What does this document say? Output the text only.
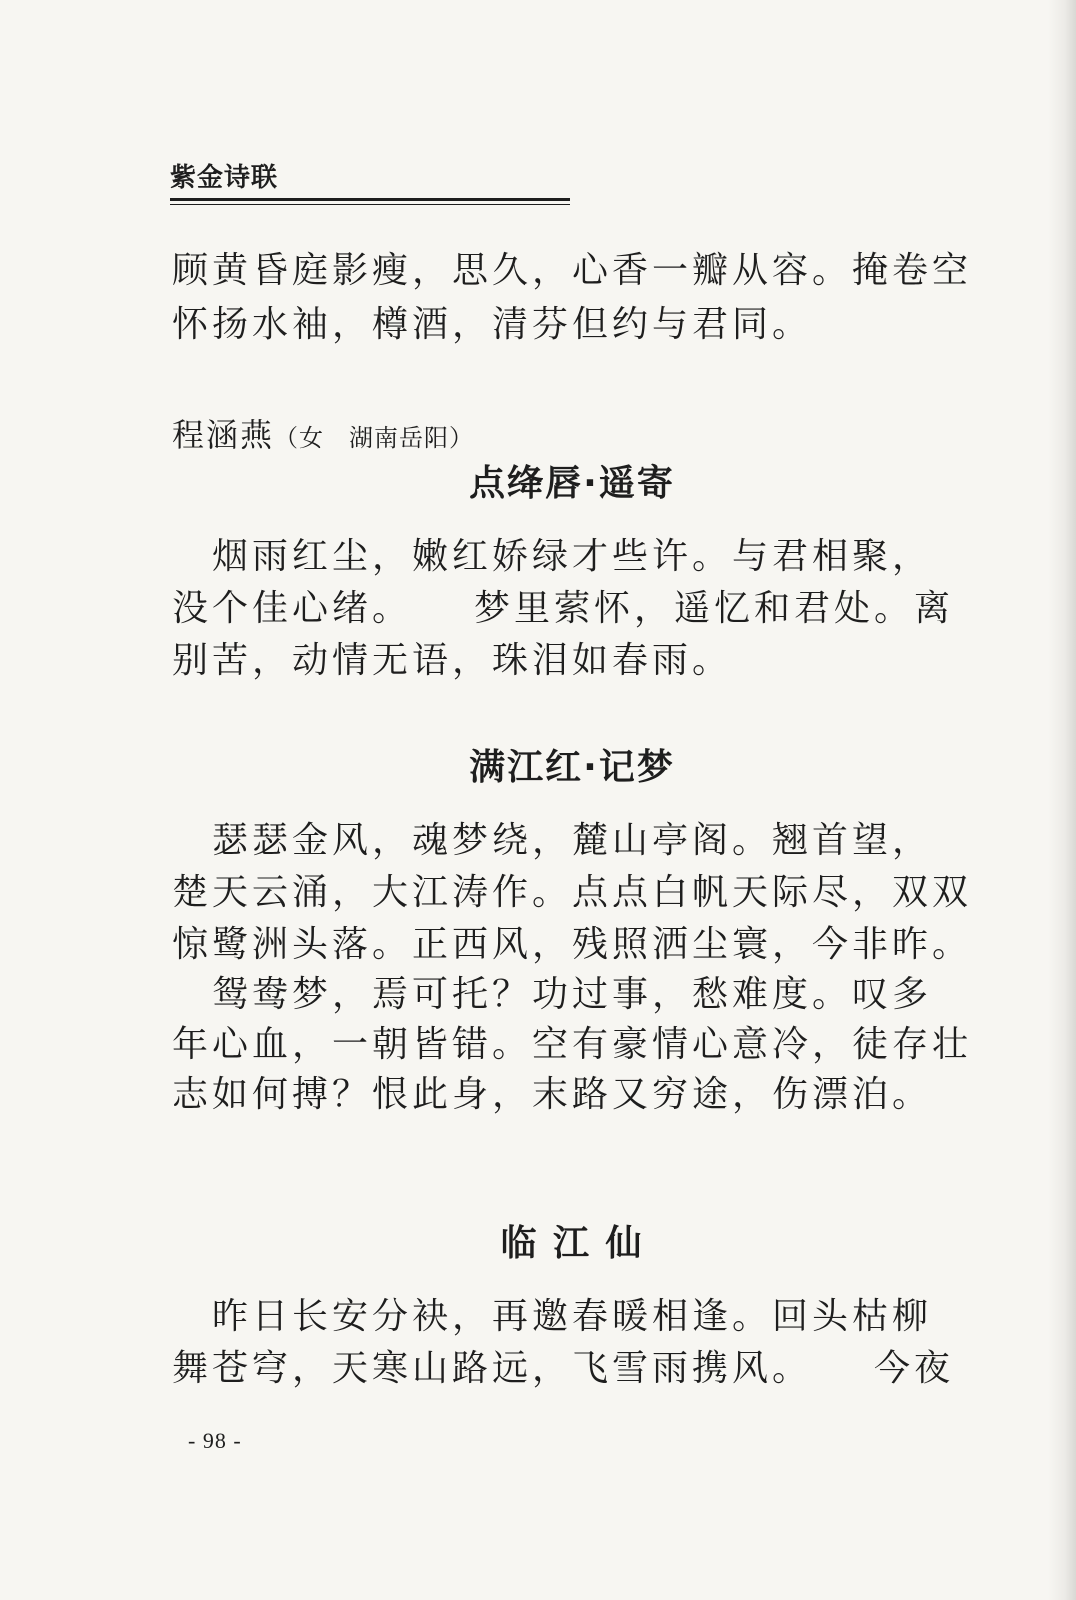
紫金诗联

顾黄昏庭影瘦，思久，心香一瓣从容。掩卷空

怀扬水袖，樽酒，清芬但约与君同。

程涵燕（女　湖南岳阳）
点绛唇·遥寄

　烟雨红尘，嫩红娇绿才些许。与君相聚，

没个佳心绪。　　梦里萦怀，遥忆和君处。离

别苦，动情无语，珠泪如春雨。

满江红·记梦

　瑟瑟金风，魂梦绕，麓山亭阁。翘首望，

楚天云涌，大江涛作。点点白帆天际尽，双双

惊鹭洲头落。正西风，残照洒尘寰，今非昨。

　鸳鸯梦，焉可托？功过事，愁难度。叹多

年心血，一朝皆错。空有豪情心意冷，徒存壮

志如何搏？恨此身，末路又穷途，伤漂泊。

临 江 仙

　昨日长安分袂，再邀春暖相逢。回头枯柳

舞苍穹，天寒山路远，飞雪雨携风。　　今夜

- 98 -
